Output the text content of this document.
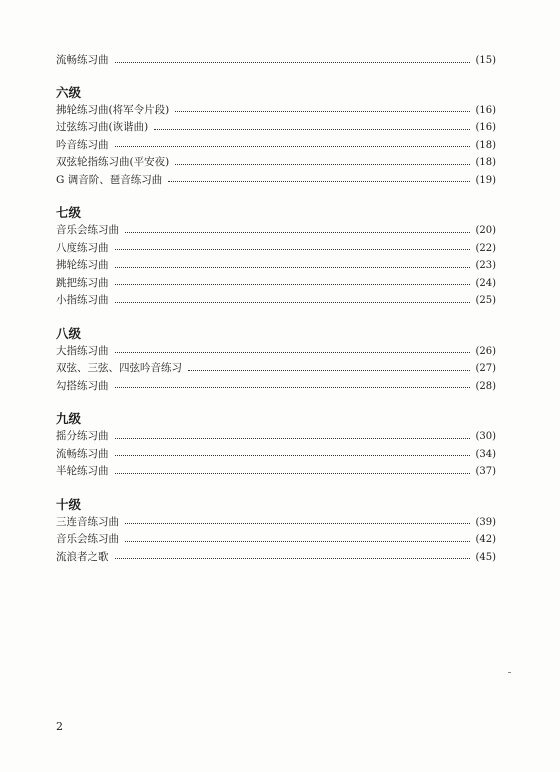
流畅练习曲	(15)
六级
拂轮练习曲(将军令片段)	(16)
过弦练习曲(诙谐曲)	(16)
吟音练习曲	(18)
双弦轮指练习曲(平安夜)	(18)
G 调音阶、琶音练习曲	(19)
七级
音乐会练习曲	(20)
八度练习曲	(22)
拂轮练习曲	(23)
跳把练习曲	(24)
小指练习曲	(25)
八级
大指练习曲	(26)
双弦、三弦、四弦吟音练习	(27)
勾搭练习曲	(28)
九级
摇分练习曲	(30)
流畅练习曲	(34)
半轮练习曲	(37)
十级
三连音练习曲	(39)
音乐会练习曲	(42)
流浪者之歌	(45)
2
